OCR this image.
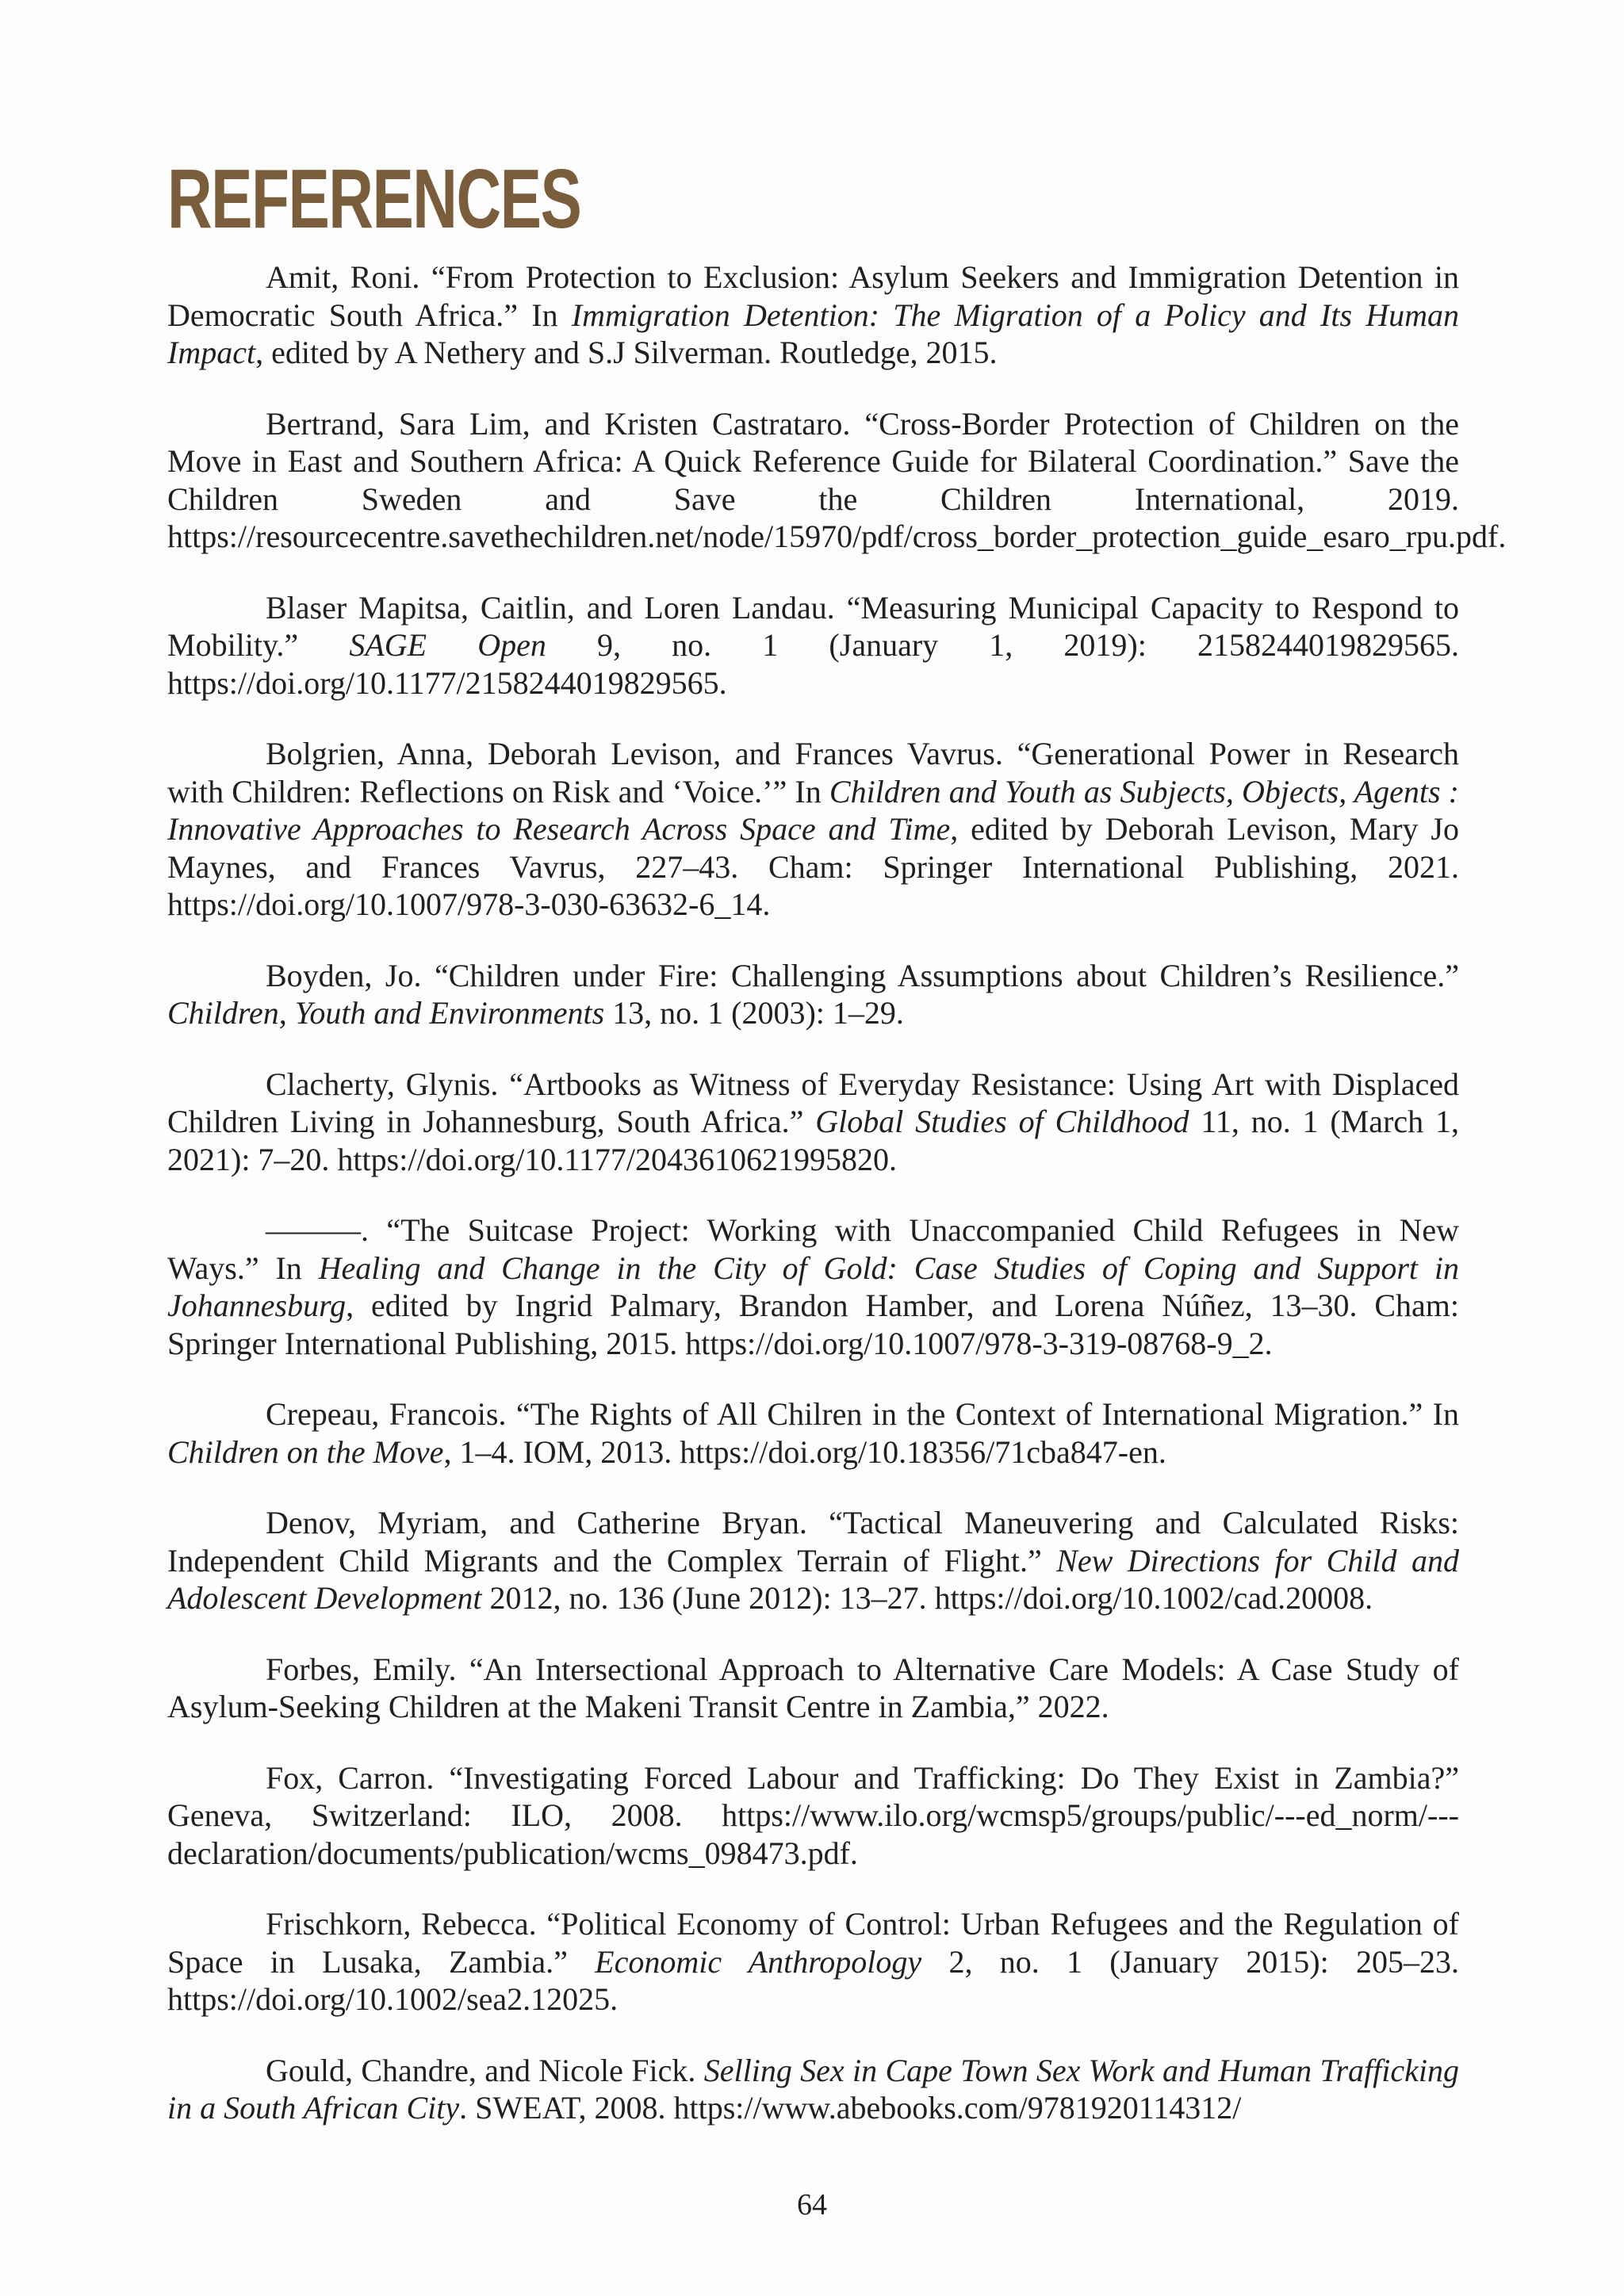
REFERENCES

Amit, Roni. “From Protection to Exclusion: Asylum Seekers and Immigration Detention in Democratic South Africa.” In Immigration Detention: The Migration of a Policy and Its Human Impact, edited by A Nethery and S.J Silverman. Routledge, 2015.

Bertrand, Sara Lim, and Kristen Castrataro. “Cross-Border Protection of Children on the Move in East and Southern Africa: A Quick Reference Guide for Bilateral Coordination.” Save the Children Sweden and Save the Children International, 2019. https://resourcecentre.savethechildren.net/node/15970/pdf/cross_border_protection_guide_esaro_rpu.pdf.

Blaser Mapitsa, Caitlin, and Loren Landau. “Measuring Municipal Capacity to Respond to Mobility.” SAGE Open 9, no. 1 (January 1, 2019): 2158244019829565. https://doi.org/10.1177/2158244019829565.

Bolgrien, Anna, Deborah Levison, and Frances Vavrus. “Generational Power in Research with Children: Reflections on Risk and ‘Voice.’” In Children and Youth as Subjects, Objects, Agents : Innovative Approaches to Research Across Space and Time, edited by Deborah Levison, Mary Jo Maynes, and Frances Vavrus, 227–43. Cham: Springer International Publishing, 2021. https://doi.org/10.1007/978-3-030-63632-6_14.

Boyden, Jo. “Children under Fire: Challenging Assumptions about Children’s Resilience.” Children, Youth and Environments 13, no. 1 (2003): 1–29.

Clacherty, Glynis. “Artbooks as Witness of Everyday Resistance: Using Art with Displaced Children Living in Johannesburg, South Africa.” Global Studies of Childhood 11, no. 1 (March 1, 2021): 7–20. https://doi.org/10.1177/2043610621995820.

———. “The Suitcase Project: Working with Unaccompanied Child Refugees in New Ways.” In Healing and Change in the City of Gold: Case Studies of Coping and Support in Johannesburg, edited by Ingrid Palmary, Brandon Hamber, and Lorena Núñez, 13–30. Cham: Springer International Publishing, 2015. https://doi.org/10.1007/978-3-319-08768-9_2.

Crepeau, Francois. “The Rights of All Chilren in the Context of International Migration.” In Children on the Move, 1–4. IOM, 2013. https://doi.org/10.18356/71cba847-en.

Denov, Myriam, and Catherine Bryan. “Tactical Maneuvering and Calculated Risks: Independent Child Migrants and the Complex Terrain of Flight.” New Directions for Child and Adolescent Development 2012, no. 136 (June 2012): 13–27. https://doi.org/10.1002/cad.20008.

Forbes, Emily. “An Intersectional Approach to Alternative Care Models: A Case Study of Asylum-Seeking Children at the Makeni Transit Centre in Zambia,” 2022.

Fox, Carron. “Investigating Forced Labour and Trafficking: Do They Exist in Zambia?” Geneva, Switzerland: ILO, 2008. https://www.ilo.org/wcmsp5/groups/public/---ed_norm/---declaration/documents/publication/wcms_098473.pdf.

Frischkorn, Rebecca. “Political Economy of Control: Urban Refugees and the Regulation of Space in Lusaka, Zambia.” Economic Anthropology 2, no. 1 (January 2015): 205–23. https://doi.org/10.1002/sea2.12025.

Gould, Chandre, and Nicole Fick. Selling Sex in Cape Town Sex Work and Human Trafficking in a South African City. SWEAT, 2008. https://www.abebooks.com/9781920114312/

64
